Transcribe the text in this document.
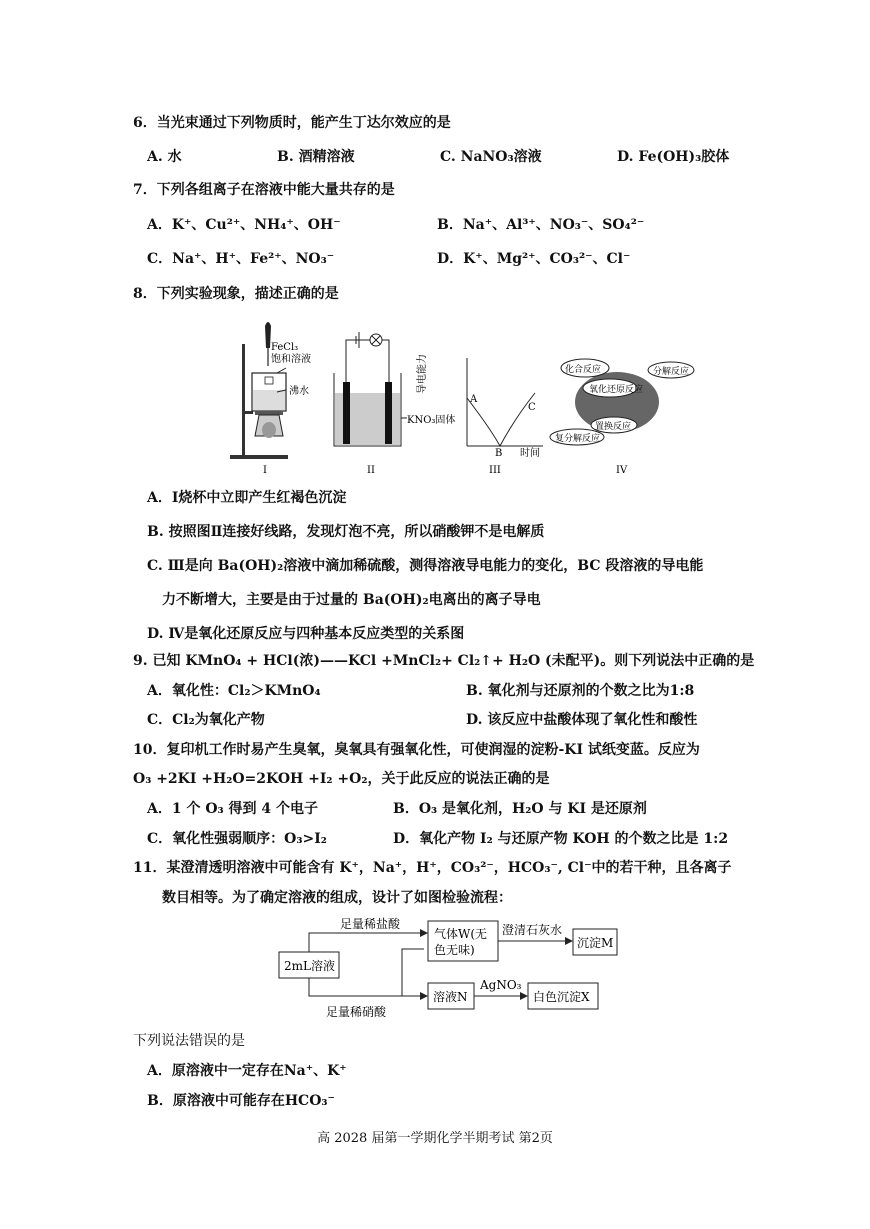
6．当光束通过下列物质时，能产生丁达尔效应的是
A. 水	B. 酒精溶液	C. NaNO₃溶液	D. Fe(OH)₃胶体
7．下列各组离子在溶液中能大量共存的是
A．K⁺、Cu²⁺、NH₄⁺、OH⁻	B．Na⁺、Al³⁺、NO₃⁻、SO₄²⁻
C．Na⁺、H⁺、Fe²⁺、NO₃⁻	D．K⁺、Mg²⁺、CO₃²⁻、Cl⁻
8．下列实验现象，描述正确的是
FeCl₃
饱和溶液
沸水
I
KNO₃固体
II
导电能力
时间
A
B
C
III
氧化还原反应
置换反应
化合反应	分解反应
复分解反应
IV
A．Ⅰ烧杯中立即产生红褐色沉淀
B. 按照图Ⅱ连接好线路，发现灯泡不亮，所以硝酸钾不是电解质
C. Ⅲ是向 Ba(OH)₂溶液中滴加稀硫酸，测得溶液导电能力的变化，BC 段溶液的导电能
力不断增大，主要是由于过量的 Ba(OH)₂电离出的离子导电
D. Ⅳ是氧化还原反应与四种基本反应类型的关系图
9. 已知 KMnO₄ + HCl(浓)——KCl +MnCl₂+ Cl₂↑+ H₂O (未配平)。则下列说法中正确的是
A．氧化性：Cl₂＞KMnO₄	B. 氧化剂与还原剂的个数之比为1:8
C．Cl₂为氧化产物	D. 该反应中盐酸体现了氧化性和酸性
10．复印机工作时易产生臭氧，臭氧具有强氧化性，可使润湿的淀粉-KI 试纸变蓝。反应为
O₃ +2KI +H₂O=2KOH +I₂ +O₂，关于此反应的说法正确的是
A．1 个 O₃ 得到 4 个电子	B．O₃ 是氧化剂，H₂O 与 KI 是还原剂
C．氧化性强弱顺序：O₃>I₂	D．氧化产物 I₂ 与还原产物 KOH 的个数之比是 1:2
11．某澄清透明溶液中可能含有 K⁺，Na⁺，H⁺，CO₃²⁻，HCO₃⁻, Cl⁻中的若干种，且各离子
数目相等。为了确定溶液的组成，设计了如图检验流程：
2mL溶液
足量稀盐酸
足量稀硝酸
气体W(无
色无味)
澄清石灰水
沉淀M
溶液N
AgNO₃
白色沉淀X
下列说法错误的是
A．原溶液中一定存在Na⁺、K⁺
B．原溶液中可能存在HCO₃⁻
高 2028 届第一学期化学半期考试 第2页
